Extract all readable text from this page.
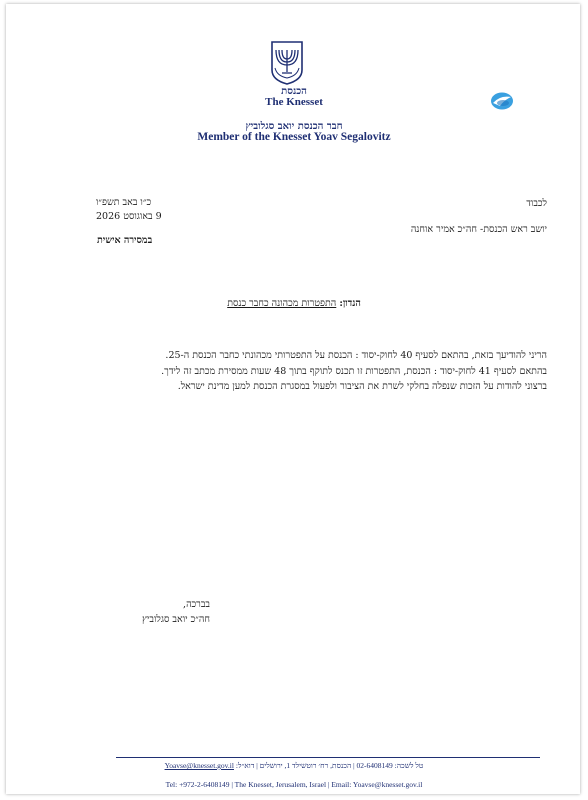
הכנסת
The Knesset
חבר הכנסת יואב סגלוביץ
Member of the Knesset Yoav Segalovitz
לכבוד
יושב ראש הכנסת- חה״כ אמיר אוחנה
כ״ו באב תשפ״ו
9 באוגוסט 2026
במסירה אישית
הנדון: התפטרות מכהונה כחבר כנסת

הריני להודיעך בזאת, בהתאם לסעיף 40 לחוק-יסוד : הכנסת על התפטרותי מכהונתי כחבר הכנסת ה-25.

בהתאם לסעיף 41 לחוק-יסוד : הכנסת, התפטרות זו תכנס לתוקף בתוך 48 שעות ממסירת מכתב זה לידך.

ברצוני להודות על הזכות שנפלה בחלקי לשרת את הציבור ולפעול במסגרת הכנסת למען מדינת ישראל.

בברכה,
חה״כ יואב סגלוביץ
טל לשכה: 02-6408149 | הכנסת, רח׳ רוטשילד 1, ירושלים | דוא״ל: Yoavse@knesset.gov.il
Tel: +972-2-6408149 | The Knesset, Jerusalem, Israel | Email: Yoavse@knesset.gov.il
